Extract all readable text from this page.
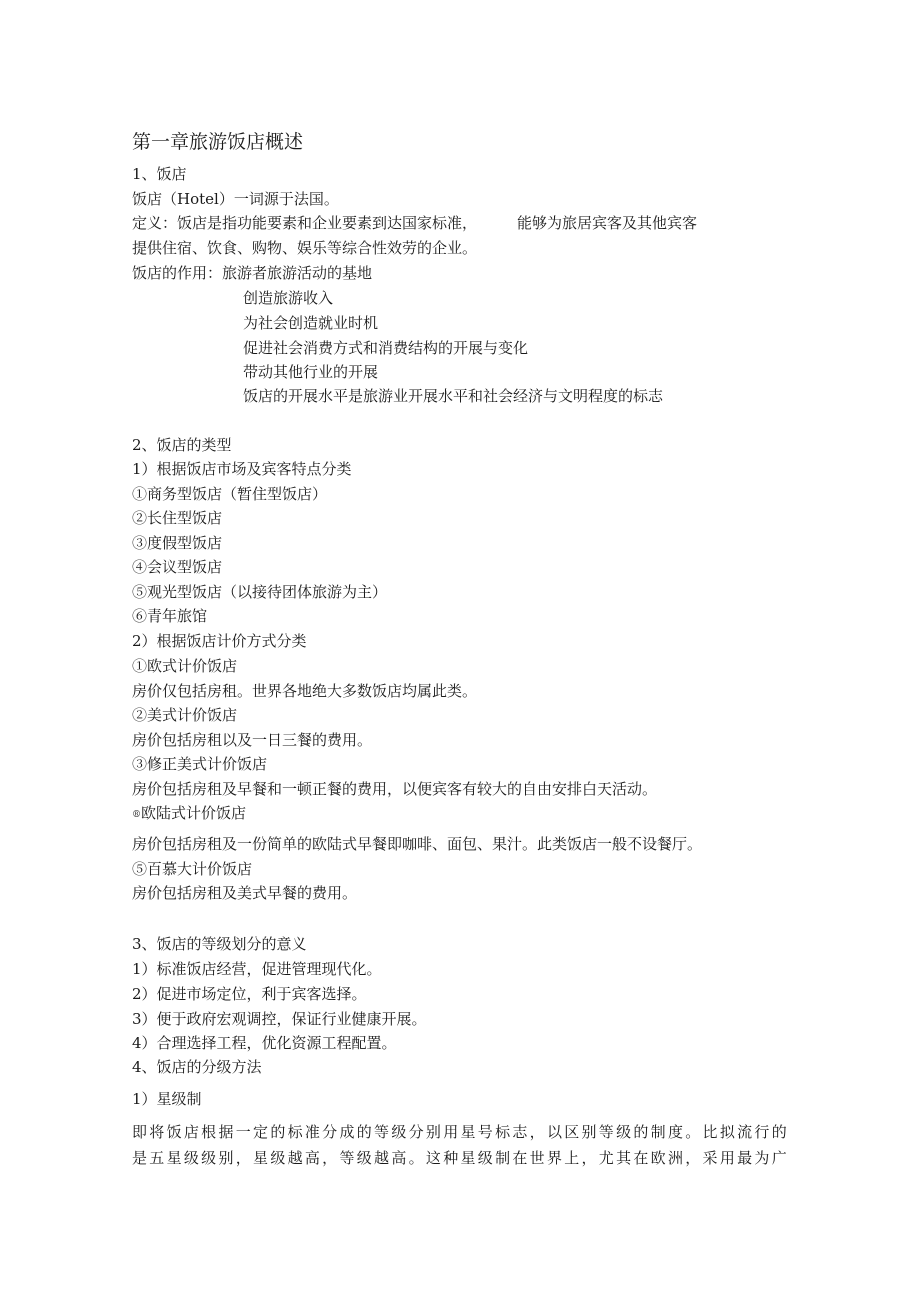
第一章旅游饭店概述
1、饭店
饭店（Hotel）一词源于法国。
定义：饭店是指功能要素和企业要素到达国家标准，	能够为旅居宾客及其他宾客
提供住宿、饮食、购物、娱乐等综合性效劳的企业。
饭店的作用：旅游者旅游活动的基地
创造旅游收入
为社会创造就业时机
促进社会消费方式和消费结构的开展与变化
带动其他行业的开展
饭店的开展水平是旅游业开展水平和社会经济与文明程度的标志
2、饭店的类型
1）根据饭店市场及宾客特点分类
①商务型饭店（暂住型饭店）
②长住型饭店
③度假型饭店
④会议型饭店
⑤观光型饭店（以接待团体旅游为主）
⑥青年旅馆
2）根据饭店计价方式分类
①欧式计价饭店
房价仅包括房租。世界各地绝大多数饭店均属此类。
②美式计价饭店
房价包括房租以及一日三餐的费用。
③修正美式计价饭店
房价包括房租及早餐和一顿正餐的费用，以便宾客有较大的自由安排白天活动。
®欧陆式计价饭店
房价包括房租及一份简单的欧陆式早餐即咖啡、面包、果汁。此类饭店一般不设餐厅。
⑤百慕大计价饭店
房价包括房租及美式早餐的费用。
3、饭店的等级划分的意义
1）标准饭店经营，促进管理现代化。
2）促进市场定位，利于宾客选择。
3）便于政府宏观调控，保证行业健康开展。
4）合理选择工程，优化资源工程配置。
4、饭店的分级方法
1）星级制
即将饭店根据一定的标准分成的等级分别用星号标志，以区别等级的制度。比拟流行的
是五星级级别，星级越高，等级越高。这种星级制在世界上，尤其在欧洲，采用最为广
